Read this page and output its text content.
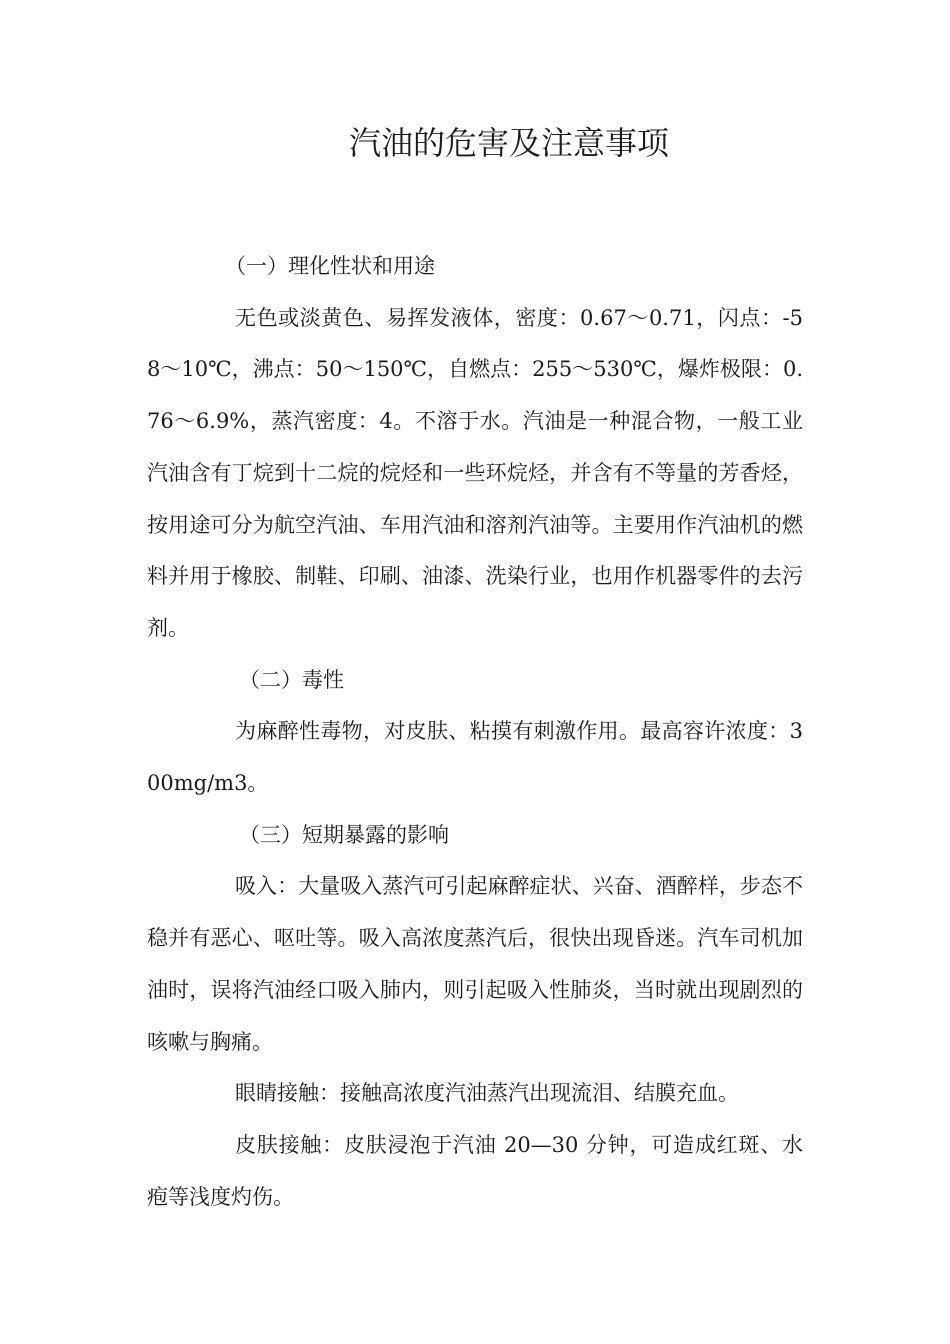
汽油的危害及注意事项

（一）理化性状和用途

无色或淡黄色、易挥发液体，密度：0.67～0.71，闪点：-58～10℃，沸点：50～150℃，自燃点：255～530℃，爆炸极限：0.76～6.9%，蒸汽密度：4。不溶于水。汽油是一种混合物，一般工业汽油含有丁烷到十二烷的烷烃和一些环烷烃，并含有不等量的芳香烃，按用途可分为航空汽油、车用汽油和溶剂汽油等。主要用作汽油机的燃料并用于橡胶、制鞋、印刷、油漆、洗染行业，也用作机器零件的去污剂。

（二）毒性

为麻醉性毒物，对皮肤、粘摸有刺激作用。最高容许浓度：300mg/m3。

（三）短期暴露的影响

吸入：大量吸入蒸汽可引起麻醉症状、兴奋、酒醉样，步态不稳并有恶心、呕吐等。吸入高浓度蒸汽后，很快出现昏迷。汽车司机加油时，误将汽油经口吸入肺内，则引起吸入性肺炎，当时就出现剧烈的咳嗽与胸痛。

眼睛接触：接触高浓度汽油蒸汽出现流泪、结膜充血。

皮肤接触：皮肤浸泡于汽油 20—30 分钟，可造成红斑、水疱等浅度灼伤。
